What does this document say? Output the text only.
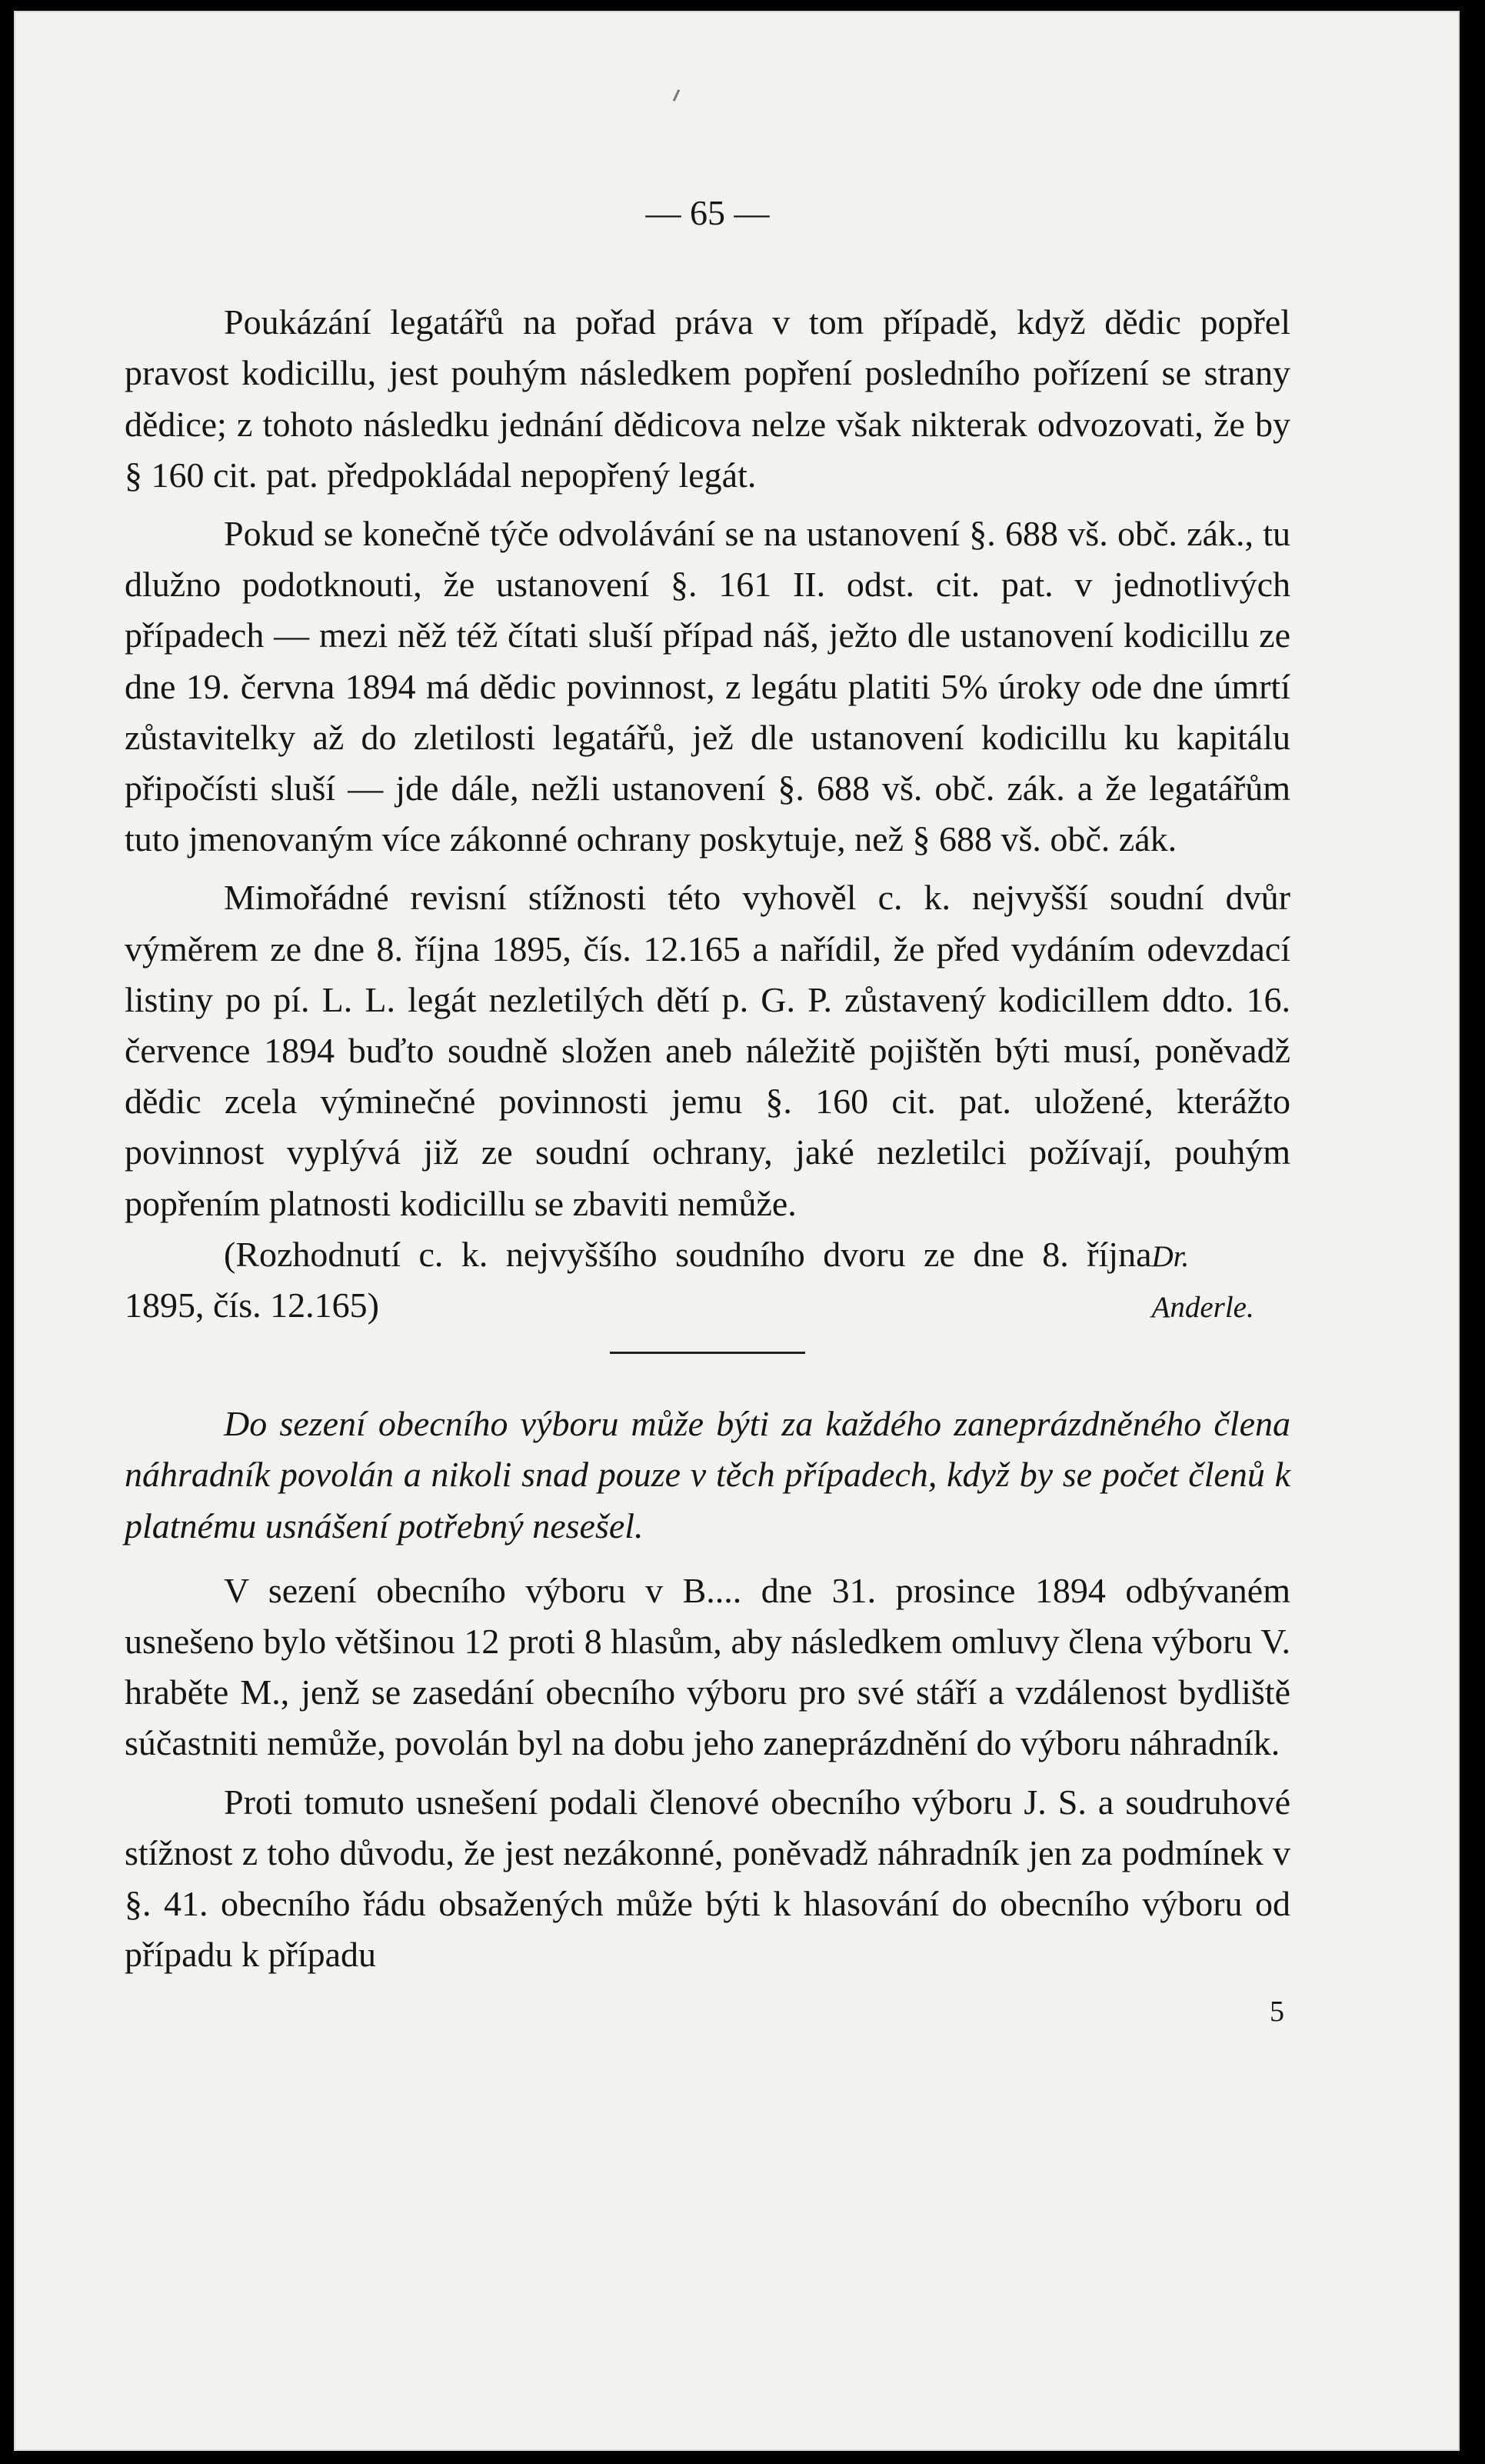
— 65 —

Poukázání legatářů na pořad práva v tom případě, když dědic popřel pravost kodicillu, jest pouhým následkem popření posledního pořízení se strany dědice; z tohoto následku jednání dědicova nelze však nikterak odvozovati, že by § 160 cit. pat. předpokládal nepopřený legát.

Pokud se konečně týče odvolávání se na ustanovení §. 688 vš. obč. zák., tu dlužno podotknouti, že ustanovení §. 161 II. odst. cit. pat. v jednotlivých případech — mezi něž též čítati sluší případ náš, ježto dle ustanovení kodicillu ze dne 19. června 1894 má dědic povinnost, z legátu platiti 5% úroky ode dne úmrtí zůstavitelky až do zletilosti legatářů, jež dle ustanovení kodicillu ku kapitálu připočísti sluší — jde dále, nežli ustanovení §. 688 vš. obč. zák. a že legatářům tuto jmenovaným více zákonné ochrany poskytuje, než § 688 vš. obč. zák.

Mimořádné revisní stížnosti této vyhověl c. k. nejvyšší soudní dvůr výměrem ze dne 8. října 1895, čís. 12.165 a nařídil, že před vydáním odevzdací listiny po pí. L. L. legát nezletilých dětí p. G. P. zůstavený kodicillem ddto. 16. července 1894 buďto soudně složen aneb náležitě pojištěn býti musí, poněvadž dědic zcela výminečné povinnosti jemu §. 160 cit. pat. uložené, kterážto povinnost vyplývá již ze soudní ochrany, jaké nezletilci požívají, pouhým popřením platnosti kodicillu se zbaviti nemůže.

(Rozhodnutí c. k. nejvyššího soudního dvoru ze dne 8. října 1895, čís. 12.165)

Dr. Anderle.

Do sezení obecního výboru může býti za každého zaneprázdněného člena náhradník povolán a nikoli snad pouze v těch případech, když by se počet členů k platnému usnášení potřebný nesešel.

V sezení obecního výboru v B.... dne 31. prosince 1894 odbývaném usnešeno bylo většinou 12 proti 8 hlasům, aby následkem omluvy člena výboru V. hraběte M., jenž se zasedání obecního výboru pro své stáří a vzdálenost bydliště súčastniti nemůže, povolán byl na dobu jeho zaneprázdnění do výboru náhradník.

Proti tomuto usnešení podali členové obecního výboru J. S. a soudruhové stížnost z toho důvodu, že jest nezákonné, poněvadž náhradník jen za podmínek v §. 41. obecního řádu obsažených může býti k hlasování do obecního výboru od případu k případu

5
